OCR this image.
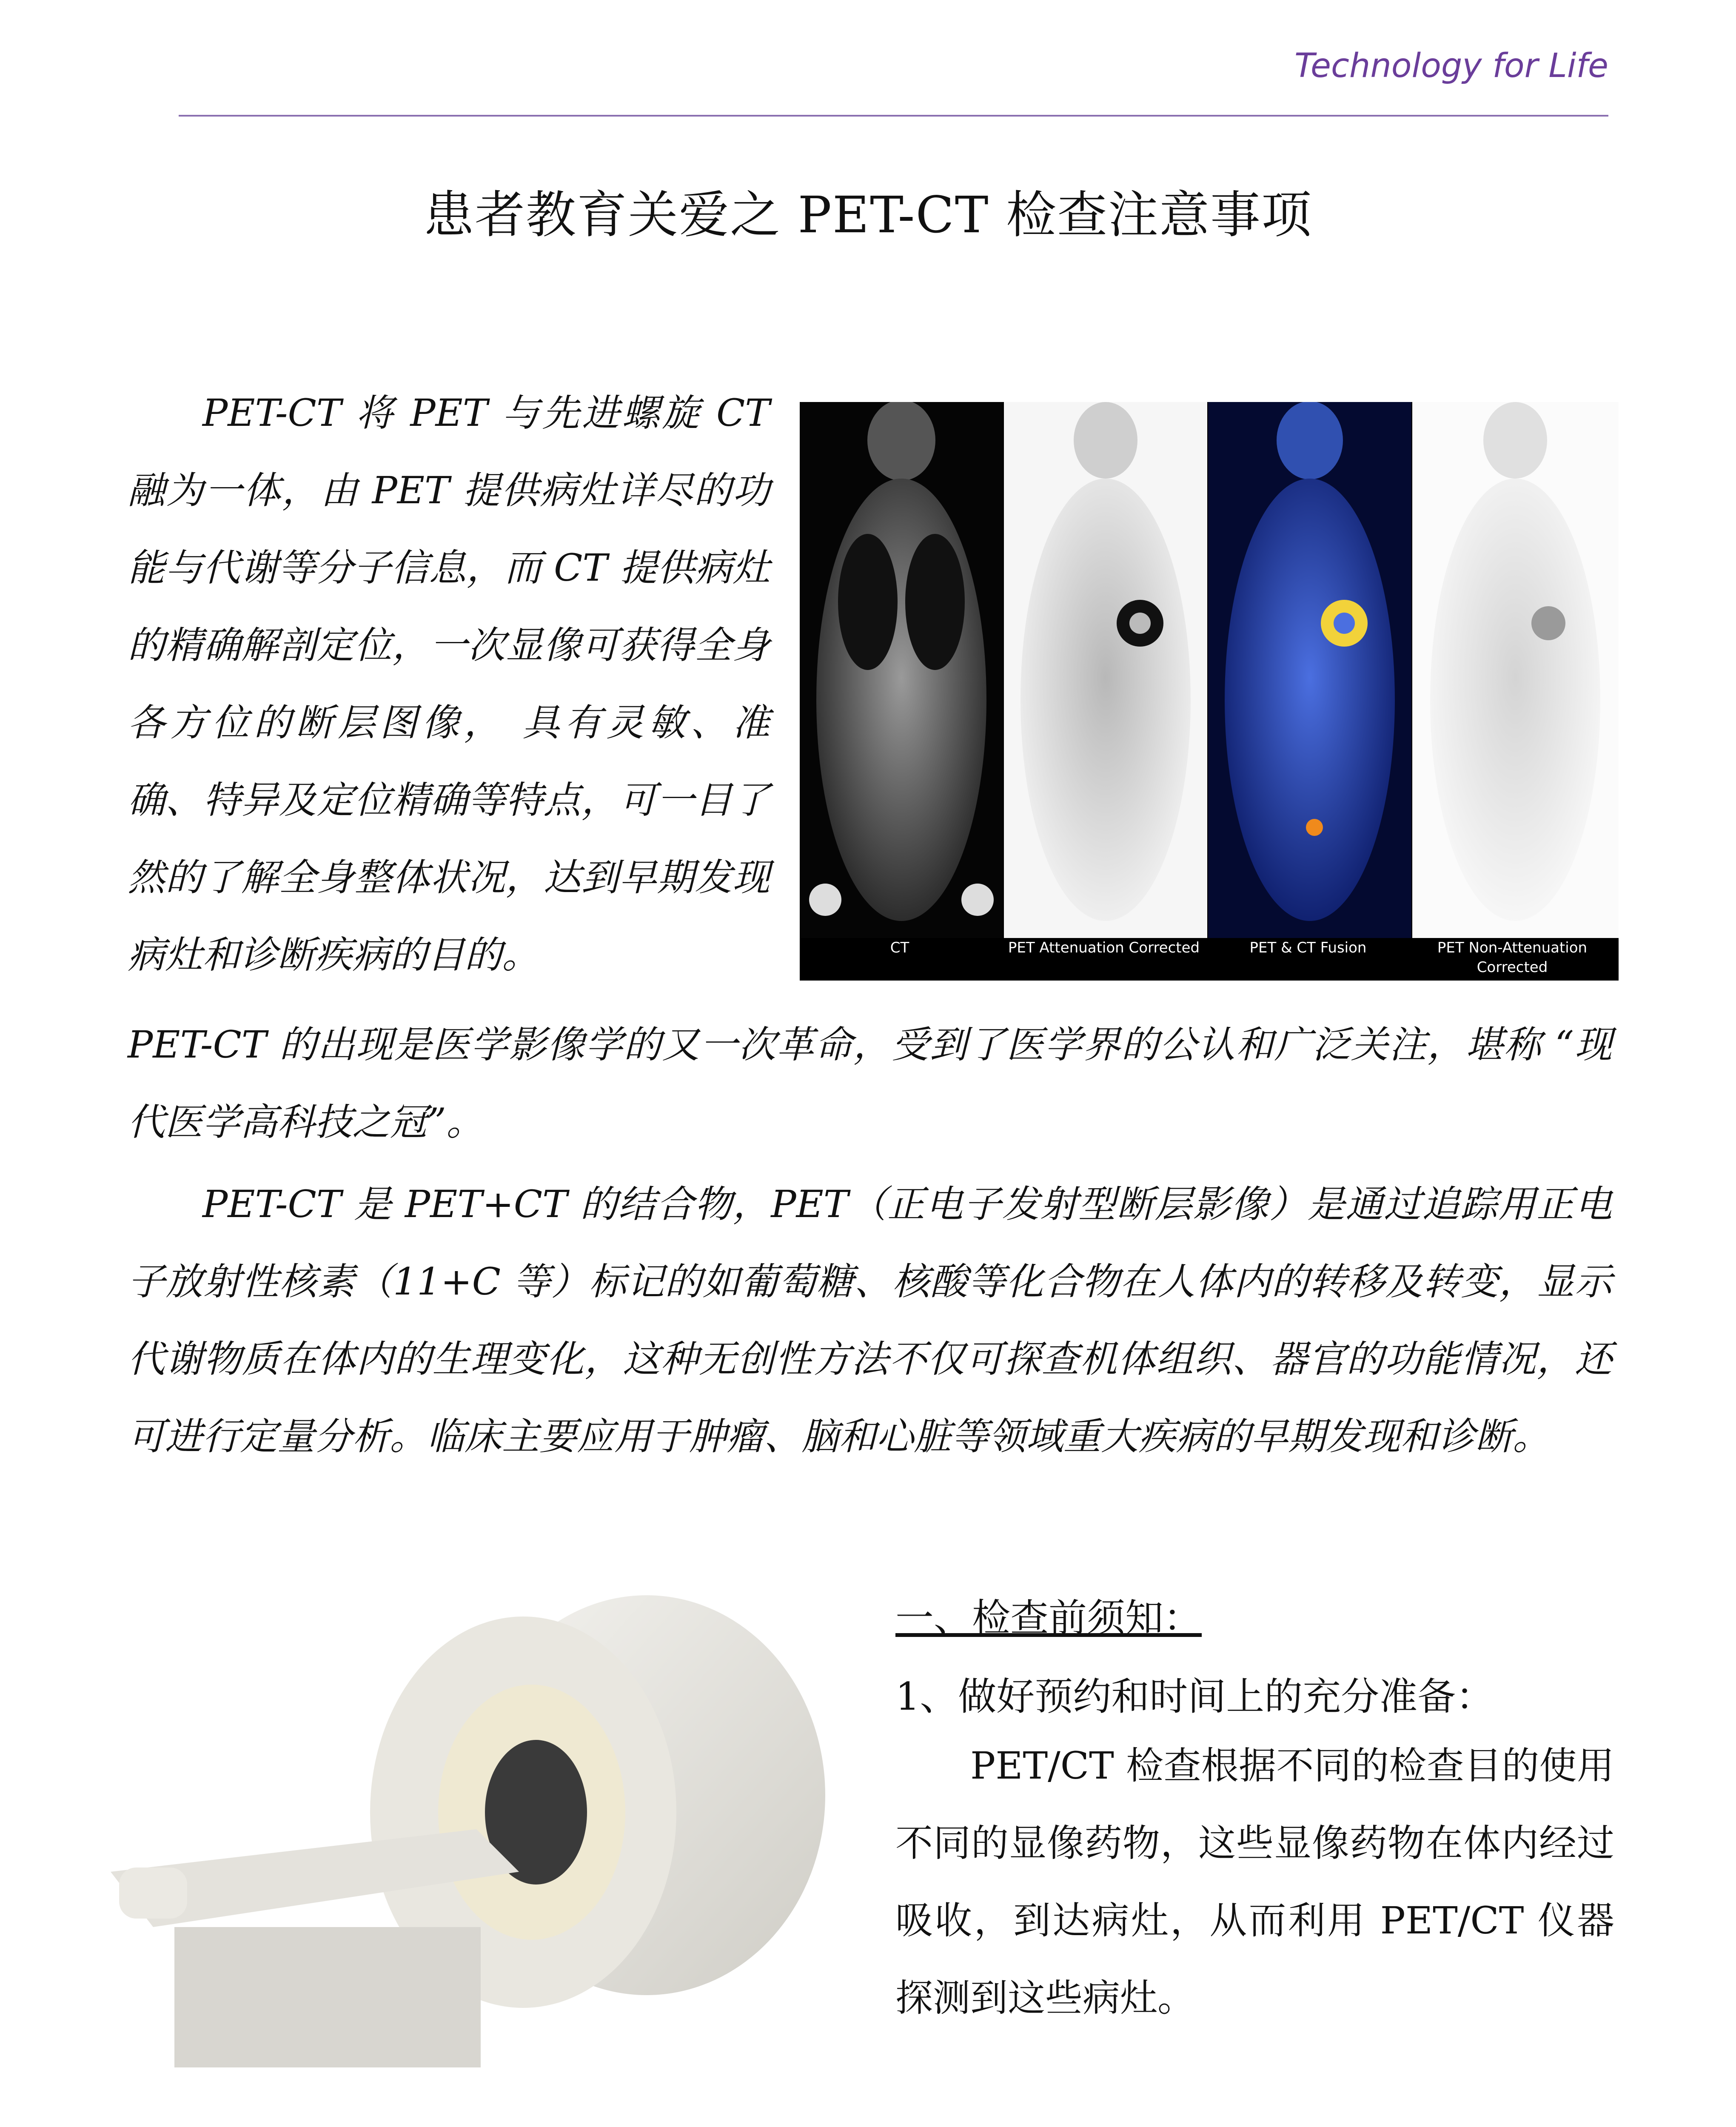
Technology for Life
患者教育关爱之 PET-CT 检查注意事项
PET-CT 将 PET 与先进螺旋 CT 融为一体，由 PET 提供病灶详尽的功能与代谢等分子信息，而 CT 提供病灶的精确解剖定位，一次显像可获得全身各方位的断层图像， 具有灵敏、准确、特异及定位精确等特点，可一目了然的了解全身整体状况，达到早期发现病灶和诊断疾病的目的。	CT	PET Attenuation Corrected	PET & CT Fusion	PET Non-Attenuation Corrected
PET-CT 的出现是医学影像学的又一次革命，受到了医学界的公认和广泛关注，堪称 “现代医学高科技之冠”。
PET-CT 是 PET+CT 的结合物，PET（正电子发射型断层影像）是通过追踪用正电子放射性核素（11+C 等）标记的如葡萄糖、核酸等化合物在人体内的转移及转变，显示代谢物质在体内的生理变化，这种无创性方法不仅可探查机体组织、器官的功能情况，还可进行定量分析。临床主要应用于肿瘤、脑和心脏等领域重大疾病的早期发现和诊断。
一、检查前须知：
1、做好预约和时间上的充分准备：
PET/CT 检查根据不同的检查目的使用不同的显像药物，这些显像药物在体内经过吸收，到达病灶，从而利用 PET/CT 仪器探测到这些病灶。
